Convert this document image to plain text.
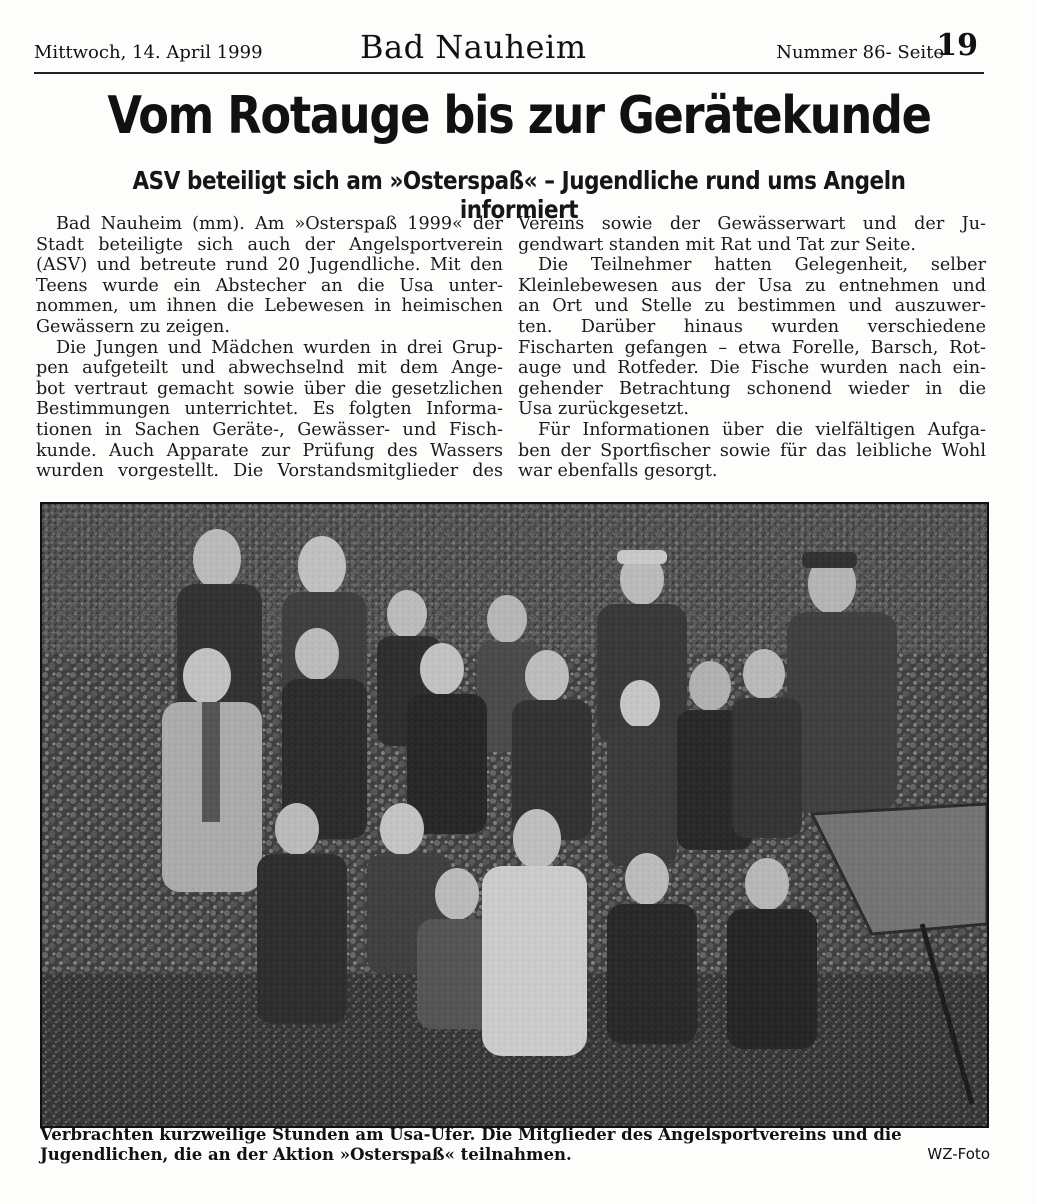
Mittwoch, 14. April 1999	Bad Nauheim	Nummer 86- Seite
19
Vom Rotauge bis zur Gerätekunde
ASV beteiligt sich am »Osterspaß« – Jugendliche rund ums Angeln informiert
Bad Nauheim (mm). Am »Osterspaß 1999« der
Stadt beteiligte sich auch der Angelsportverein
(ASV) und betreute rund 20 Jugendliche. Mit den
Teens wurde ein Abstecher an die Usa unter-
nommen, um ihnen die Lebewesen in heimischen
Gewässern zu zeigen.
Die Jungen und Mädchen wurden in drei Grup-
pen aufgeteilt und abwechselnd mit dem Ange-
bot vertraut gemacht sowie über die gesetzlichen
Bestimmungen unterrichtet. Es folgten Informa-
tionen in Sachen Geräte-, Gewässer- und Fisch-
kunde. Auch Apparate zur Prüfung des Wassers
wurden vorgestellt. Die Vorstandsmitglieder des
Vereins sowie der Gewässerwart und der Ju-
gendwart standen mit Rat und Tat zur Seite.
Die Teilnehmer hatten Gelegenheit, selber
Kleinlebewesen aus der Usa zu entnehmen und
an Ort und Stelle zu bestimmen und auszuwer-
ten. Darüber hinaus wurden verschiedene
Fischarten gefangen – etwa Forelle, Barsch, Rot-
auge und Rotfeder. Die Fische wurden nach ein-
gehender Betrachtung schonend wieder in die
Usa zurückgesetzt.
Für Informationen über die vielfältigen Aufga-
ben der Sportfischer sowie für das leibliche Wohl
war ebenfalls gesorgt.
Verbrachten kurzweilige Stunden am Usa-Ufer. Die Mitglieder des Angelsportvereins und die Jugendlichen, die an der Aktion »Osterspaß« teilnahmen.	WZ-Foto
